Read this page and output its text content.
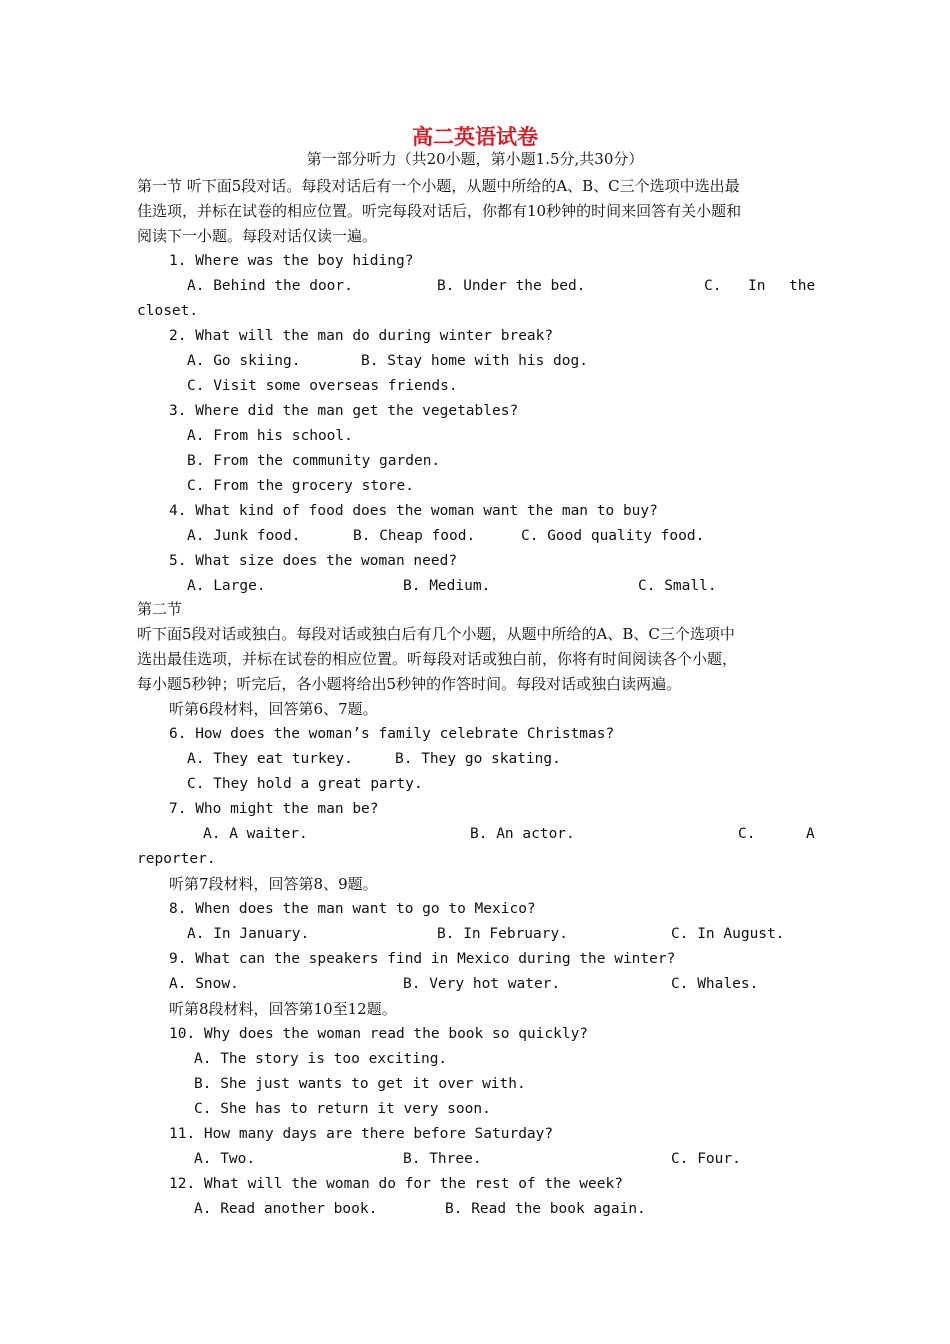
高二英语试卷
第一部分听力（共20小题，第小题1.5分,共30分）
第一节 听下面5段对话。每段对话后有一个小题，从题中所给的A、B、C三个选项中选出最
佳选项，并标在试卷的相应位置。听完每段对话后，你都有10秒钟的时间来回答有关小题和
阅读下一小题。每段对话仅读一遍。
1. Where was the boy hiding?
A. Behind the door.	B. Under the bed.	C. In the
closet.
2. What will the man do during winter break?
A. Go skiing.	B. Stay home with his dog.
C. Visit some overseas friends.
3. Where did the man get the vegetables?
A. From his school.
B. From the community garden.
C. From the grocery store.
4. What kind of food does the woman want the man to buy?
A. Junk food.	B. Cheap food.	C. Good quality food.
5. What size does the woman need?
A. Large.	B. Medium.	C. Small.
第二节
听下面5段对话或独白。每段对话或独白后有几个小题，从题中所给的A、B、C三个选项中
选出最佳选项，并标在试卷的相应位置。听每段对话或独白前，你将有时间阅读各个小题，
每小题5秒钟；听完后，各小题将给出5秒钟的作答时间。每段对话或独白读两遍。
听第6段材料，回答第6、7题。
6. How does the woman’s family celebrate Christmas?
A. They eat turkey.	B. They go skating.
C. They hold a great party.
7. Who might the man be?
A. A waiter.	B. An actor.	C.	A
reporter.
听第7段材料，回答第8、9题。
8. When does the man want to go to Mexico?
A. In January.	B. In February.	C. In August.
9. What can the speakers find in Mexico during the winter?
A. Snow.	B. Very hot water.	C. Whales.
听第8段材料，回答第10至12题。
10. Why does the woman read the book so quickly?
A. The story is too exciting.
B. She just wants to get it over with.
C. She has to return it very soon.
11. How many days are there before Saturday?
A. Two.	B. Three.	C. Four.
12. What will the woman do for the rest of the week?
A. Read another book.	B. Read the book again.
